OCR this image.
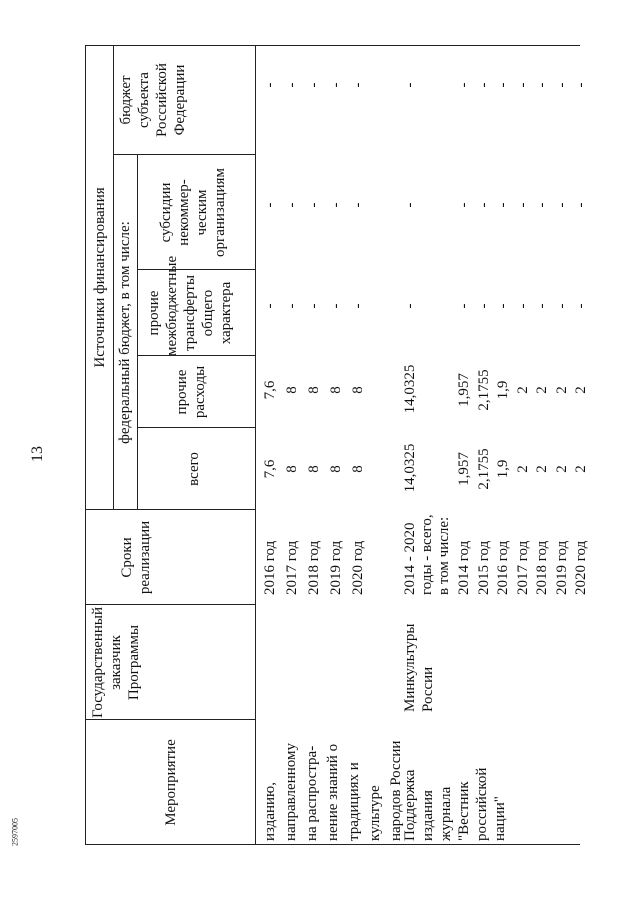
13
2597005
Мероприятие
Государственный заказчик Программы
Сроки реализации
Источники финансирования федеральный бюджет, в том числе:
всего
прочие расходы
прочие межбюджетные трансферты общего характера
субсидии некоммер- ческим организациям
бюджет субъекта Российской Федерации
изданию, направленному на распростра- нение знаний о традициях и культуре народов России
2016 год
7,6
7,6
-
-
-
2017 год
8
8
-
-
-
2018 год
8
8
-
-
-
2019 год
8
8
-
-
-
2020 год
8
8
-
-
-
Поддержка издания журнала "Вестник российской нации"
Минкультуры России
2014 - 2020 годы - всего, в том числе:
14,0325
14,0325
-
-
-
2014 год
1,957
1,957
-
-
-
2015 год
2,1755
2,1755
-
-
-
2016 год
1,9
1,9
-
-
-
2017 год
2
2
-
-
-
2018 год
2
2
-
-
-
2019 год
2
2
-
-
-
2020 год
2
2
-
-
-
